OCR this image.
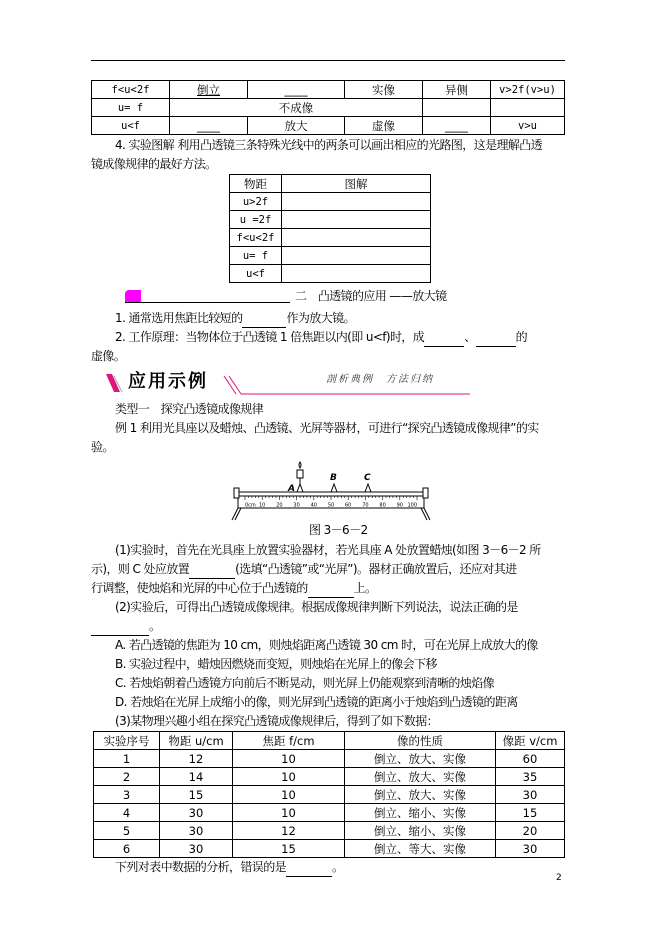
f<u<2f	倒立	____	实像	异侧	v>2f(v>u)
u= f	不成像				
u<f	____	放大	虚像	____	v>u
4. 实验图解 利用凸透镜三条特殊光线中的两条可以画出相应的光路图，这是理解凸透
镜成像规律的最好方法。
物距	图解
u>2f	
u =2f	
f<u<2f	
u= f	
u<f	
二　凸透镜的应用 ——放大镜
1. 通常选用焦距比较短的	作为放大镜。
2. 工作原理：当物体位于凸透镜 1 倍焦距以内(即 u<f)时，成	、	的
虚像。
应用示例	剖析典例　方法归纳
类型一　探究凸透镜成像规律
例 1 利用光具座以及蜡烛、凸透镜、光屏等器材，可进行“探究凸透镜成像规律”的实
验。
0cm 10 20 30 40 50 60 70 80 90 100
A
B	C
图 3－6－2
(1)实验时，首先在光具座上放置实验器材，若光具座 A 处放置蜡烛(如图 3－6－2 所
示)，则 C 处应放置	(选填“凸透镜”或“光屏”)。器材正确放置后，还应对其进
行调整，使烛焰和光屏的中心位于凸透镜的	上。
(2)实验后，可得出凸透镜成像规律。根据成像规律判断下列说法，说法正确的是
。
A. 若凸透镜的焦距为 10 cm，则烛焰距离凸透镜 30 cm 时，可在光屏上成放大的像
B. 实验过程中，蜡烛因燃烧而变短，则烛焰在光屏上的像会下移
C. 若烛焰朝着凸透镜方向前后不断晃动，则光屏上仍能观察到清晰的烛焰像
D. 若烛焰在光屏上成缩小的像，则光屏到凸透镜的距离小于烛焰到凸透镜的距离
(3)某物理兴趣小组在探究凸透镜成像规律后，得到了如下数据：
实验序号	物距 u/cm	焦距 f/cm	像的性质	像距 v/cm
1	12	10	倒立、放大、实像	60
2	14	10	倒立、放大、实像	35
3	15	10	倒立、放大、实像	30
4	30	10	倒立、缩小、实像	15
5	30	12	倒立、缩小、实像	20
6	30	15	倒立、等大、实像	30
下列对表中数据的分析，错误的是	。
2
